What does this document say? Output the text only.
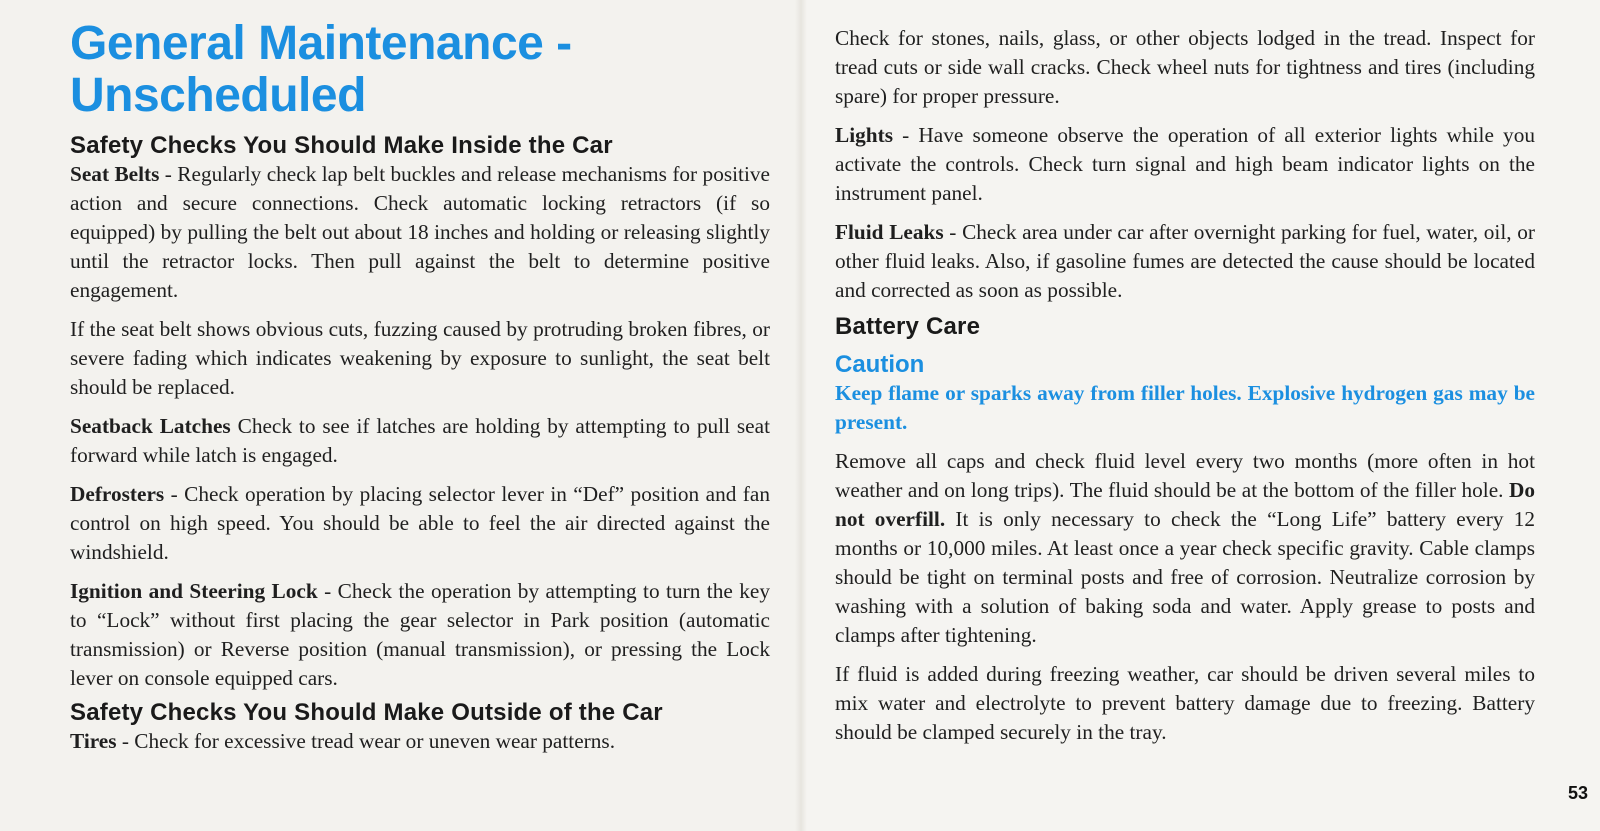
General Maintenance -
Unscheduled
Safety Checks You Should Make Inside the Car

Seat Belts - Regularly check lap belt buckles and release mechanisms for positive action and secure connections. Check automatic locking retractors (if so equipped) by pulling the belt out about 18 inches and holding or releasing slightly until the retractor locks. Then pull against the belt to determine positive engagement.

If the seat belt shows obvious cuts, fuzzing caused by protruding broken fibres, or severe fading which indicates weakening by exposure to sunlight, the seat belt should be replaced.

Seatback Latches Check to see if latches are holding by attempting to pull seat forward while latch is engaged.

Defrosters - Check operation by placing selector lever in “Def” position and fan control on high speed. You should be able to feel the air directed against the windshield.

Ignition and Steering Lock - Check the operation by attempting to turn the key to “Lock” without first placing the gear selector in Park position (automatic transmission) or Reverse position (manual transmission), or pressing the Lock lever on console equipped cars.

Safety Checks You Should Make Outside of the Car

Tires - Check for excessive tread wear or uneven wear patterns.

Check for stones, nails, glass, or other objects lodged in the tread. Inspect for tread cuts or side wall cracks. Check wheel nuts for tightness and tires (including spare) for proper pressure.

Lights - Have someone observe the operation of all exterior lights while you activate the controls. Check turn signal and high beam indicator lights on the instrument panel.

Fluid Leaks - Check area under car after overnight parking for fuel, water, oil, or other fluid leaks. Also, if gasoline fumes are detected the cause should be located and corrected as soon as possible.

Battery Care
Caution

Keep flame or sparks away from filler holes. Explosive hydrogen gas may be present.

Remove all caps and check fluid level every two months (more often in hot weather and on long trips). The fluid should be at the bottom of the filler hole. Do not overfill. It is only necessary to check the “Long Life” battery every 12 months or 10,000 miles. At least once a year check specific gravity. Cable clamps should be tight on terminal posts and free of corrosion. Neutralize corrosion by washing with a solution of baking soda and water. Apply grease to posts and clamps after tightening.

If fluid is added during freezing weather, car should be driven several miles to mix water and electrolyte to prevent battery damage due to freezing. Battery should be clamped securely in the tray.

53
